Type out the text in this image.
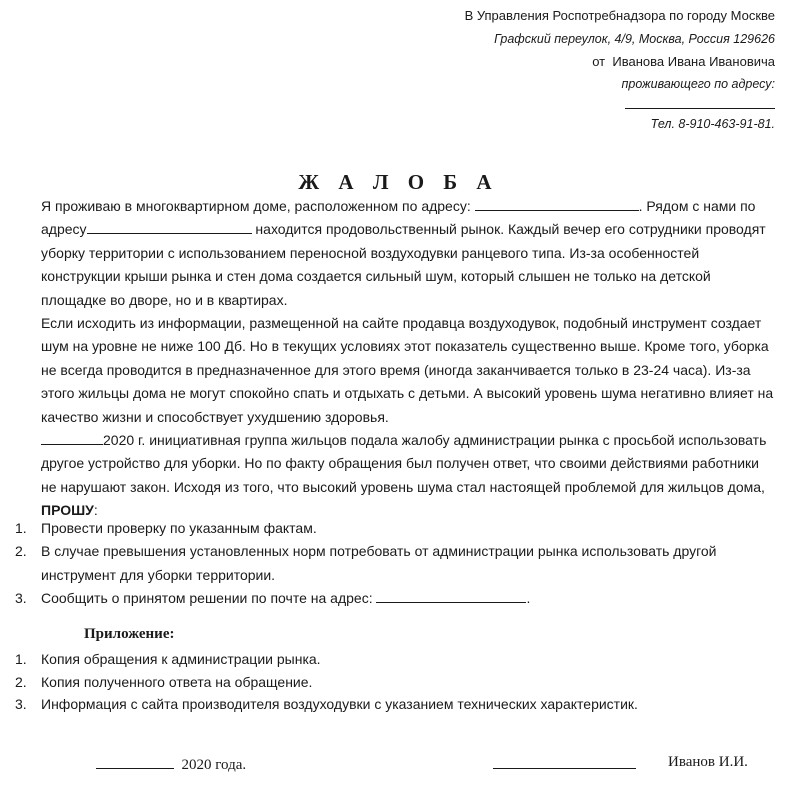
В Управления Роспотребнадзора по городу Москве
Графский переулок, 4/9, Москва, Россия 129626
от Иванова Ивана Ивановича
проживающего по адресу:
Тел. 8-910-463-91-81.
Ж А Л О Б А

Я проживаю в многоквартирном доме, расположенном по адресу:	. Рядом с нами по адресу	находится продовольственный рынок. Каждый вечер его сотрудники проводят уборку территории с использованием переносной воздуходувки ранцевого типа. Из-за особенностей конструкции крыши рынка и стен дома создается сильный шум, который слышен не только на детской площадке во дворе, но и в квартирах.

Если исходить из информации, размещенной на сайте продавца воздуходувок, подобный инструмент создает шум на уровне не ниже 100 Дб. Но в текущих условиях этот показатель существенно выше. Кроме того, уборка не всегда проводится в предназначенное для этого время (иногда заканчивается только в 23-24 часа). Из-за этого жильцы дома не могут спокойно спать и отдыхать с детьми. А высокий уровень шума негативно влияет на качество жизни и способствует ухудшению здоровья.

2020 г. инициативная группа жильцов подала жалобу администрации рынка с просьбой использовать другое устройство для уборки. Но по факту обращения был получен ответ, что своими действиями работники не нарушают закон. Исходя из того, что высокий уровень шума стал настоящей проблемой для жильцов дома, ПРОШУ:

1. Провести проверку по указанным фактам.
2. В случае превышения установленных норм потребовать от администрации рынка использовать другой инструмент для уборки территории.
3. Сообщить о принятом решении по почте на адрес:	.
Приложение:
1. Копия обращения к администрации рынка.
2. Копия полученного ответа на обращение.
3. Информация с сайта производителя воздуходувки с указанием технических характеристик.
2020 года.	Иванов И.И.
